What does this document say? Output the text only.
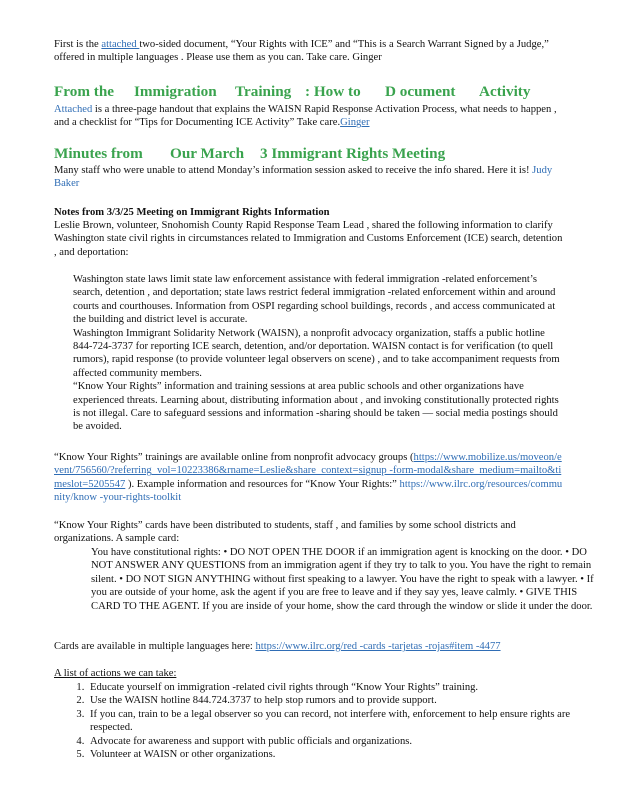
First is the attached two-sided document, “Your Rights with ICE” and “This is a Search Warrant Signed by a Judge,” offered in multiple languages . Please use them as you can. Take care. Ginger

From the Immigration Training : How to D ocument Activity

Attached is a three-page handout that explains the WAISN Rapid Response Activation Process, what needs to happen , and a checklist for “Tips for Documenting ICE Activity” Take care.Ginger

Minutes from Our March 3 Immigrant Rights Meeting

Many staff who were unable to attend Monday’s information session asked to receive the info shared. Here it is! Judy Baker

Notes from 3/3/25 Meeting on Immigrant Rights Information

Leslie Brown, volunteer, Snohomish County Rapid Response Team Lead , shared the following information to clarify Washington state civil rights in circumstances related to Immigration and Customs Enforcement (ICE) search, detention , and deportation:

Washington state laws limit state law enforcement assistance with federal immigration -related enforcement’s search, detention , and deportation; state laws restrict federal immigration -related enforcement within and around courts and courthouses. Information from OSPI regarding school buildings, records , and access communicated at the building and district level is accurate.
Washington Immigrant Solidarity Network (WAISN), a nonprofit advocacy organization, staffs a public hotline 844-724-3737 for reporting ICE search, detention, and/or deportation. WAISN contact is for verification (to quell rumors), rapid response (to provide volunteer legal observers on scene) , and to take accompaniment requests from affected community members.
“Know Your Rights” information and training sessions at area public schools and other organizations have experienced threats. Learning about, distributing information about , and invoking constitutionally protected rights is not illegal. Care to safeguard sessions and information -sharing should be taken — social media postings should be avoided.

“Know Your Rights” trainings are available online from nonprofit advocacy groups (https://www.mobilize.us/moveon/event/756560/?referring_vol=10223386&rname=Leslie&share_context=signup -form-modal&share_medium=mailto&timeslot=5205547 ). Example information and resources for “Know Your Rights:” https://www.ilrc.org/resources/community/know -your-rights-toolkit

“Know Your Rights” cards have been distributed to students, staff , and families by some school districts and organizations. A sample card:

You have constitutional rights: • DO NOT OPEN THE DOOR if an immigration agent is knocking on the door. • DO NOT ANSWER ANY QUESTIONS from an immigration agent if they try to talk to you. You have the right to remain silent. • DO NOT SIGN ANYTHING without first speaking to a lawyer. You have the right to speak with a lawyer. • If you are outside of your home, ask the agent if you are free to leave and if they say yes, leave calmly. • GIVE THIS CARD TO THE AGENT. If you are inside of your home, show the card through the window or slide it under the door.

Cards are available in multiple languages here: https://www.ilrc.org/red -cards -tarjetas -rojas#item -4477

A list of actions we can take:

1. Educate yourself on immigration -related civil rights through “Know Your Rights” training.
2. Use the WAISN hotline 844.724.3737 to help stop rumors and to provide support.
3. If you can, train to be a legal observer so you can record, not interfere with, enforcement to help ensure rights are respected.
4. Advocate for awareness and support with public officials and organizations.
5. Volunteer at WAISN or other organizations.
